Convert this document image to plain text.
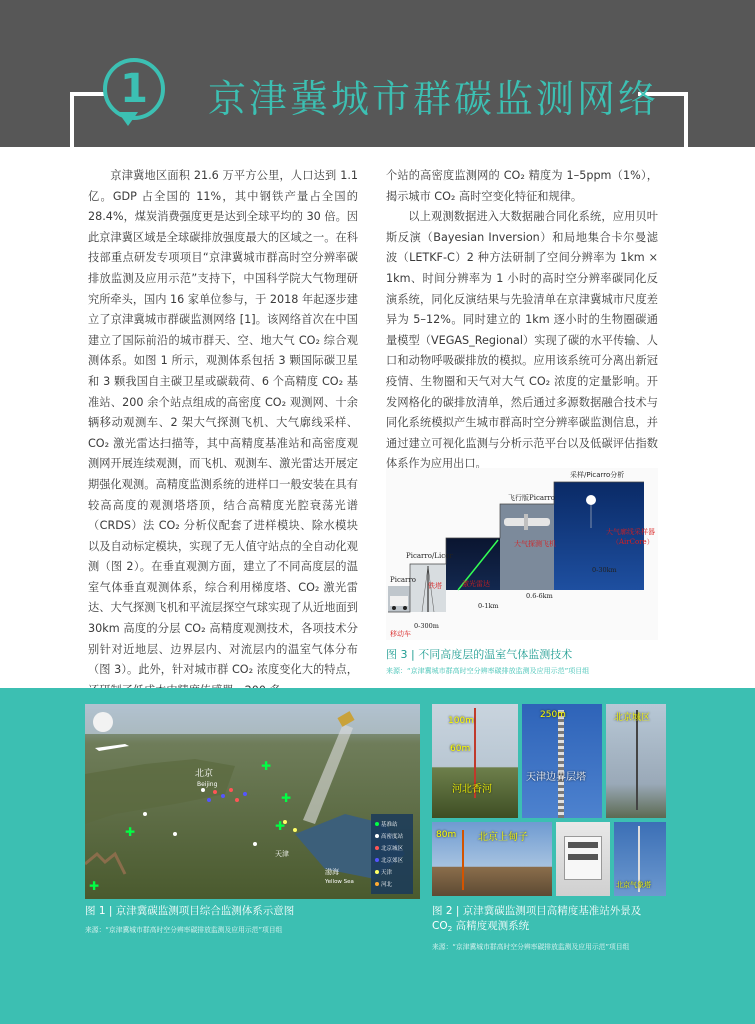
1	京津冀城市群碳监测网络

京津冀地区面积 21.6 万平方公里，人口达到 1.1 亿。GDP 占全国的 11%，其中钢铁产量占全国的 28.4%，煤炭消费强度更是达到全球平均的 30 倍。因此京津冀区域是全球碳排放强度最大的区域之一。在科技部重点研发专项项目“京津冀城市群高时空分辨率碳排放监测及应用示范”支持下，中国科学院大气物理研究所牵头，国内 16 家单位参与，于 2018 年起逐步建立了京津冀城市群碳监测网络 [1]。该网络首次在中国建立了国际前沿的城市群天、空、地大气 CO₂ 综合观测体系。如图 1 所示，观测体系包括 3 颗国际碳卫星和 3 颗我国自主碳卫星或碳载荷、6 个高精度 CO₂ 基准站、200 余个站点组成的高密度 CO₂ 观测网、十余辆移动观测车、2 架大气探测飞机、大气廓线采样、CO₂ 激光雷达扫描等，其中高精度基准站和高密度观测网开展连续观测，而飞机、观测车、激光雷达开展定期强化观测。高精度监测系统的进样口一般安装在具有较高高度的观测塔塔顶，结合高精度光腔衰荡光谱（CRDS）法 CO₂ 分析仪配套了进样模块、除水模块以及自动标定模块，实现了无人值守站点的全自动化观测（图 2）。在垂直观测方面，建立了不同高度层的温室气体垂直观测体系，综合利用梯度塔、CO₂ 激光雷达、大气探测飞机和平流层探空气球实现了从近地面到 30km 高度的分层 CO₂ 高精度观测技术，各项技术分别针对近地层、边界层内、对流层内的温室气体分布（图 3）。此外，针对城市群 CO₂ 浓度变化大的特点，

个站的高密度监测网的 CO₂ 精度为 1–5ppm（1%），揭示城市 CO₂ 高时空变化特征和规律。

以上观测数据进入大数据融合同化系统，应用贝叶斯反演（Bayesian Inversion）和局地集合卡尔曼滤波（LETKF-C）2 种方法研制了空间分辨率为 1km × 1km、时间分辨率为 1 小时的高时空分辨率碳同化反演系统，同化反演结果与先验清单在京津冀城市尺度差异为 5–12%。同时建立的 1km 逐小时的生物圈碳通量模型（VEGAS_Regional）实现了碳的水平传输、人口和动物呼吸碳排放的模拟。应用该系统可分离出新冠疫情、生物圈和天气对大气 CO₂ 浓度的定量影响。开发网格化的碳排放清单，然后通过多源数据融合技术与同化系统模拟产生城市群高时空分辨率碳监测信息，并通过建立可视化监测与分析示范平台以及低碳评估指数体系作为应用出口。

采样/Picarro分析
飞行版Picarro
大气廓线采样器
（AirCore）
大气探测飞机
激光雷达
Picarro/Licor
铁塔
Picarro
移动车
0-300m
0-1km
0.6-6km
0-30km
图 3 | 不同高度层的温室气体监测技术
来源：“京津冀城市群高时空分辨率碳排放监测及应用示范”项目组
✚
✚
✚
✚
✚
北京
Beijing
天津
渤海
Yellow Sea
基准站
高密度站
北京城区
北京郊区
天津
河北
图 1 | 京津冀碳监测项目综合监测体系示意图
来源：“京津冀城市群高时空分辨率碳排放监测及应用示范”项目组
100m
60m
河北香河
250m
天津边界层塔
北京城区
80m 北京上甸子
北京气象塔
图 2 | 京津冀碳监测项目高精度基准站外景及
$CO_2$ 高精度观测系统
来源：“京津冀城市群高时空分辨率碳排放监测及应用示范”项目组
